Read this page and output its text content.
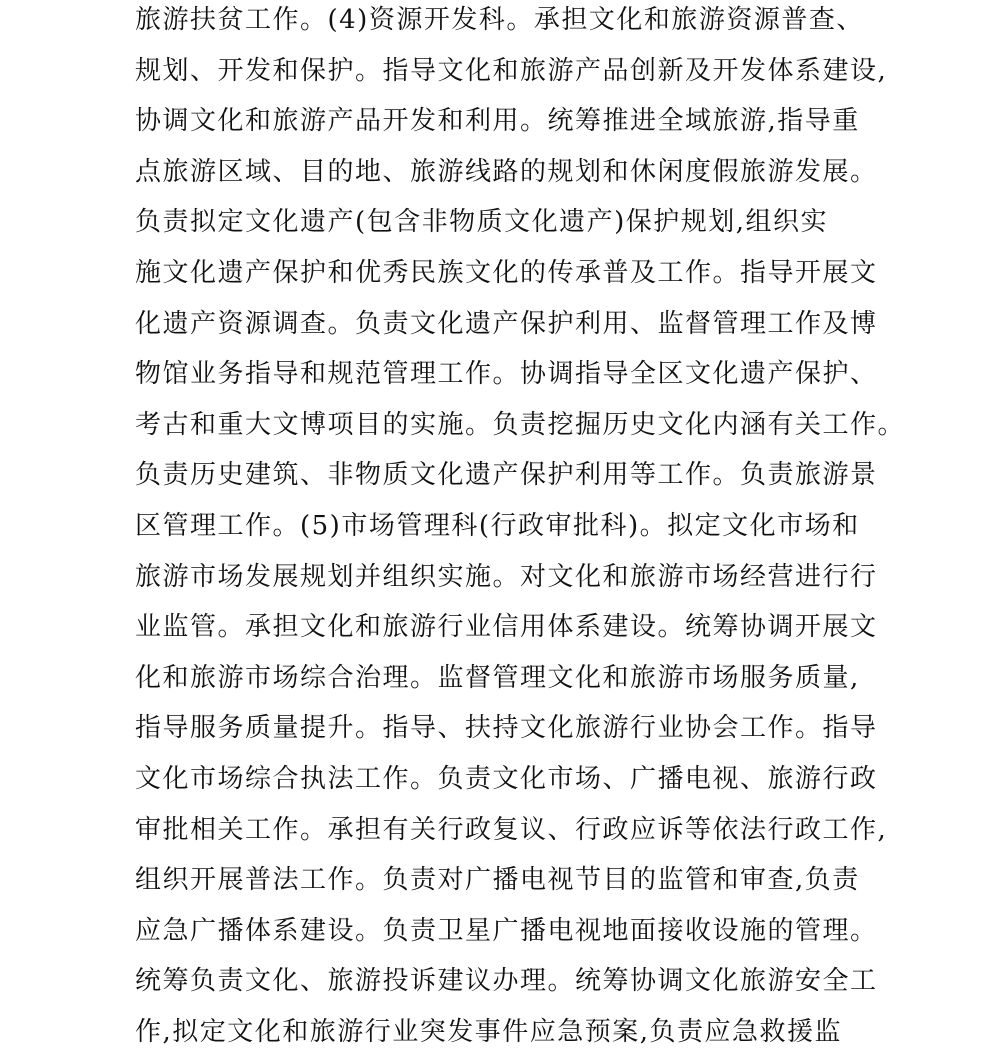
旅游扶贫工作。(4)资源开发科。承担文化和旅游资源普查、
规划、开发和保护。指导文化和旅游产品创新及开发体系建设,
协调文化和旅游产品开发和利用。统筹推进全域旅游,指导重
点旅游区域、目的地、旅游线路的规划和休闲度假旅游发展。
负责拟定文化遗产(包含非物质文化遗产)保护规划,组织实
施文化遗产保护和优秀民族文化的传承普及工作。指导开展文
化遗产资源调查。负责文化遗产保护利用、监督管理工作及博
物馆业务指导和规范管理工作。协调指导全区文化遗产保护、
考古和重大文博项目的实施。负责挖掘历史文化内涵有关工作。
负责历史建筑、非物质文化遗产保护利用等工作。负责旅游景
区管理工作。(5)市场管理科(行政审批科)。拟定文化市场和
旅游市场发展规划并组织实施。对文化和旅游市场经营进行行
业监管。承担文化和旅游行业信用体系建设。统筹协调开展文
化和旅游市场综合治理。监督管理文化和旅游市场服务质量,
指导服务质量提升。指导、扶持文化旅游行业协会工作。指导
文化市场综合执法工作。负责文化市场、广播电视、旅游行政
审批相关工作。承担有关行政复议、行政应诉等依法行政工作,
组织开展普法工作。负责对广播电视节目的监管和审查,负责
应急广播体系建设。负责卫星广播电视地面接收设施的管理。
统筹负责文化、旅游投诉建议办理。统筹协调文化旅游安全工
作,拟定文化和旅游行业突发事件应急预案,负责应急救援监
